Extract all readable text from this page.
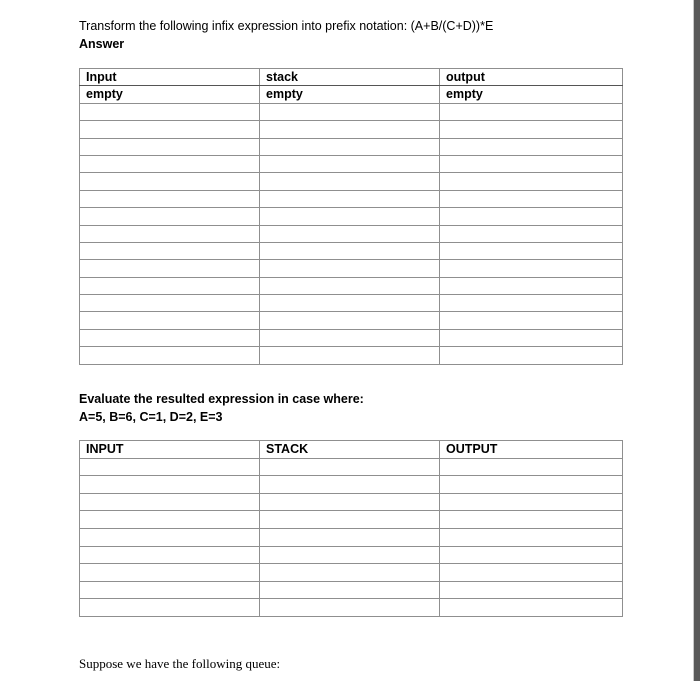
Transform the following infix expression into prefix notation: (A+B/(C+D))*E
Answer
Input	stack	output
empty	empty	empty

Evaluate the resulted expression in case where:
A=5, B=6, C=1, D=2, E=3
INPUT	STACK	OUTPUT

Suppose we have the following queue:
